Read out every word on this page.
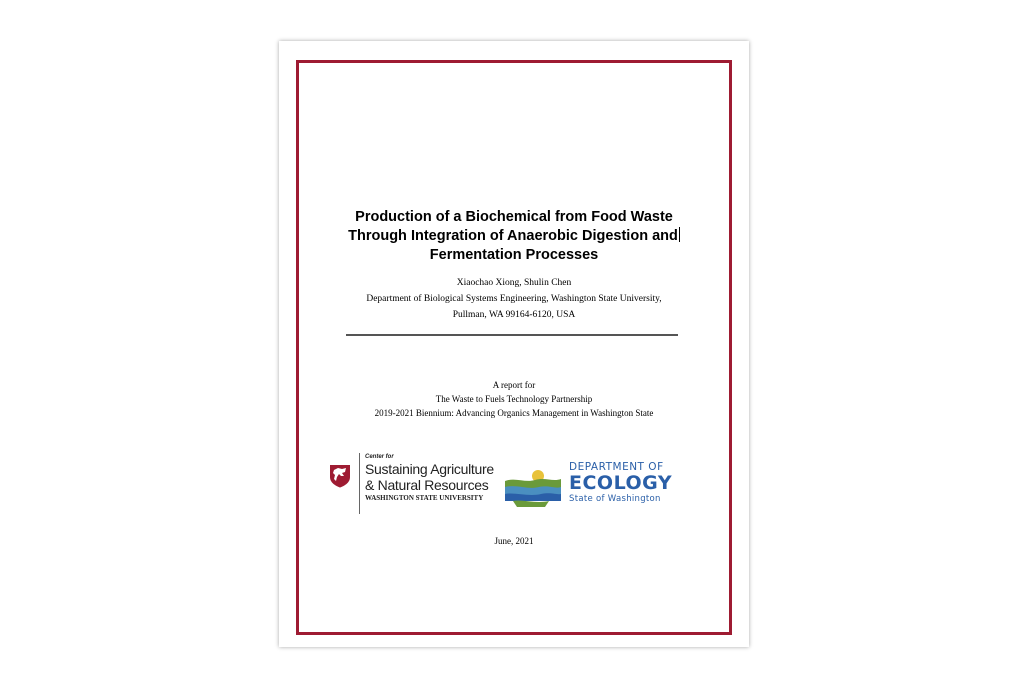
Production of a Biochemical from Food Waste
Through Integration of Anaerobic Digestion and
Fermentation Processes
Xiaochao Xiong, Shulin Chen
Department of Biological Systems Engineering, Washington State University,
Pullman, WA 99164-6120, USA
A report for
The Waste to Fuels Technology Partnership
2019-2021 Biennium: Advancing Organics Management in Washington State
Center for
Sustaining Agriculture
& Natural Resources
WASHINGTON STATE UNIVERSITY
DEPARTMENT OF
ECOLOGY
State of Washington
June, 2021
